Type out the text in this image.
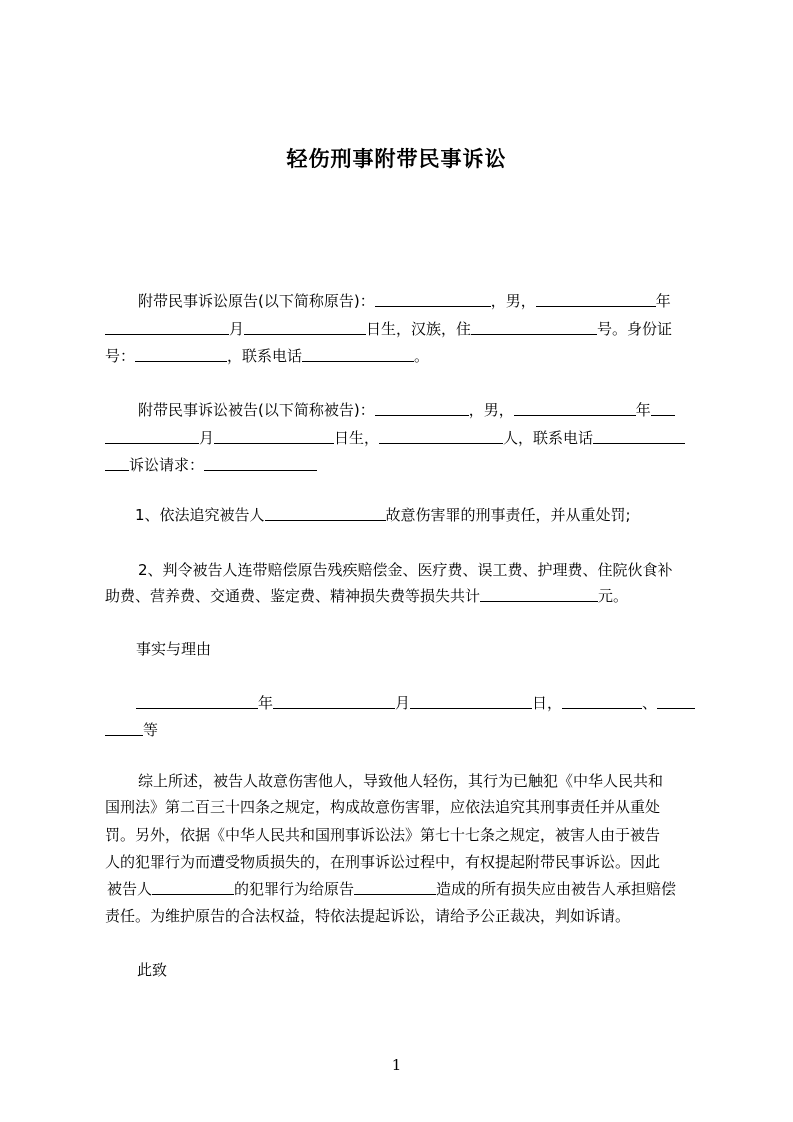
轻伤刑事附带民事诉讼
附带民事诉讼原告(以下简称原告)：	，男，	年
月	日生，汉族，住	号。身份证
号：	，联系电话	。
附带民事诉讼被告(以下简称被告)：	，男，	年
月	日生，	人，联系电话
诉讼请求：
1、依法追究被告人	故意伤害罪的刑事责任，并从重处罚;
2、判令被告人连带赔偿原告残疾赔偿金、医疗费、误工费、护理费、住院伙食补
助费、营养费、交通费、鉴定费、精神损失费等损失共计	元。
事实与理由
年	月	日，	、
等
综上所述，被告人故意伤害他人，导致他人轻伤，其行为已触犯《中华人民共和
国刑法》第二百三十四条之规定，构成故意伤害罪，应依法追究其刑事责任并从重处
罚。另外，依据《中华人民共和国刑事诉讼法》第七十七条之规定，被害人由于被告
人的犯罪行为而遭受物质损失的，在刑事诉讼过程中，有权提起附带民事诉讼。因此
被告人	的犯罪行为给原告	造成的所有损失应由被告人承担赔偿
责任。为维护原告的合法权益，特依法提起诉讼，请给予公正裁决，判如诉请。
此致
1
